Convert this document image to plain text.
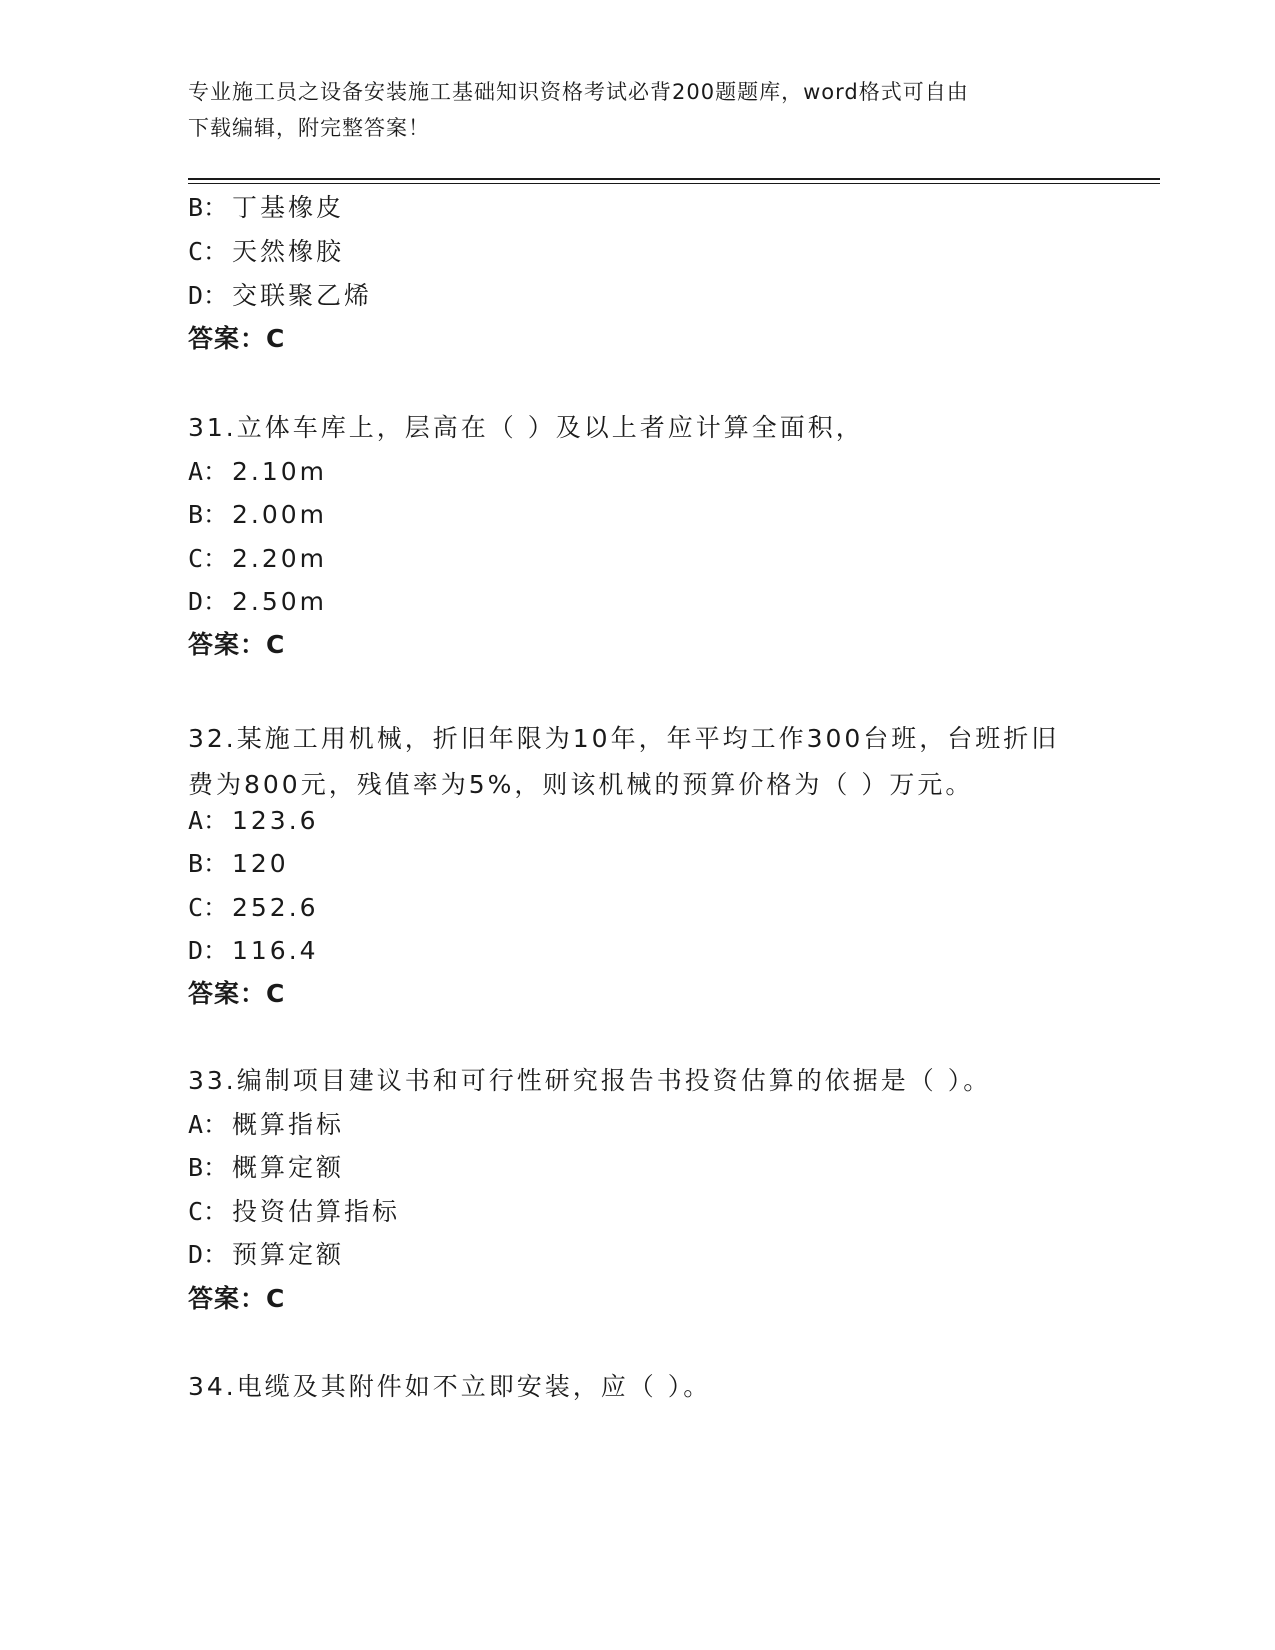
专业施工员之设备安装施工基础知识资格考试必背200题题库，word格式可自由
下载编辑，附完整答案！
B： 丁基橡皮
C： 天然橡胶
D： 交联聚乙烯
答案：C
31.立体车库上，层高在（ ）及以上者应计算全面积，
A： 2.10m
B： 2.00m
C： 2.20m
D： 2.50m
答案：C
32.某施工用机械，折旧年限为10年，年平均工作300台班，台班折旧费为800元，残值率为5%，则该机械的预算价格为（ ）万元。
A： 123.6
B： 120
C： 252.6
D： 116.4
答案：C
33.编制项目建议书和可行性研究报告书投资估算的依据是（ ）。
A： 概算指标
B： 概算定额
C： 投资估算指标
D： 预算定额
答案：C
34.电缆及其附件如不立即安装，应（ ）。
